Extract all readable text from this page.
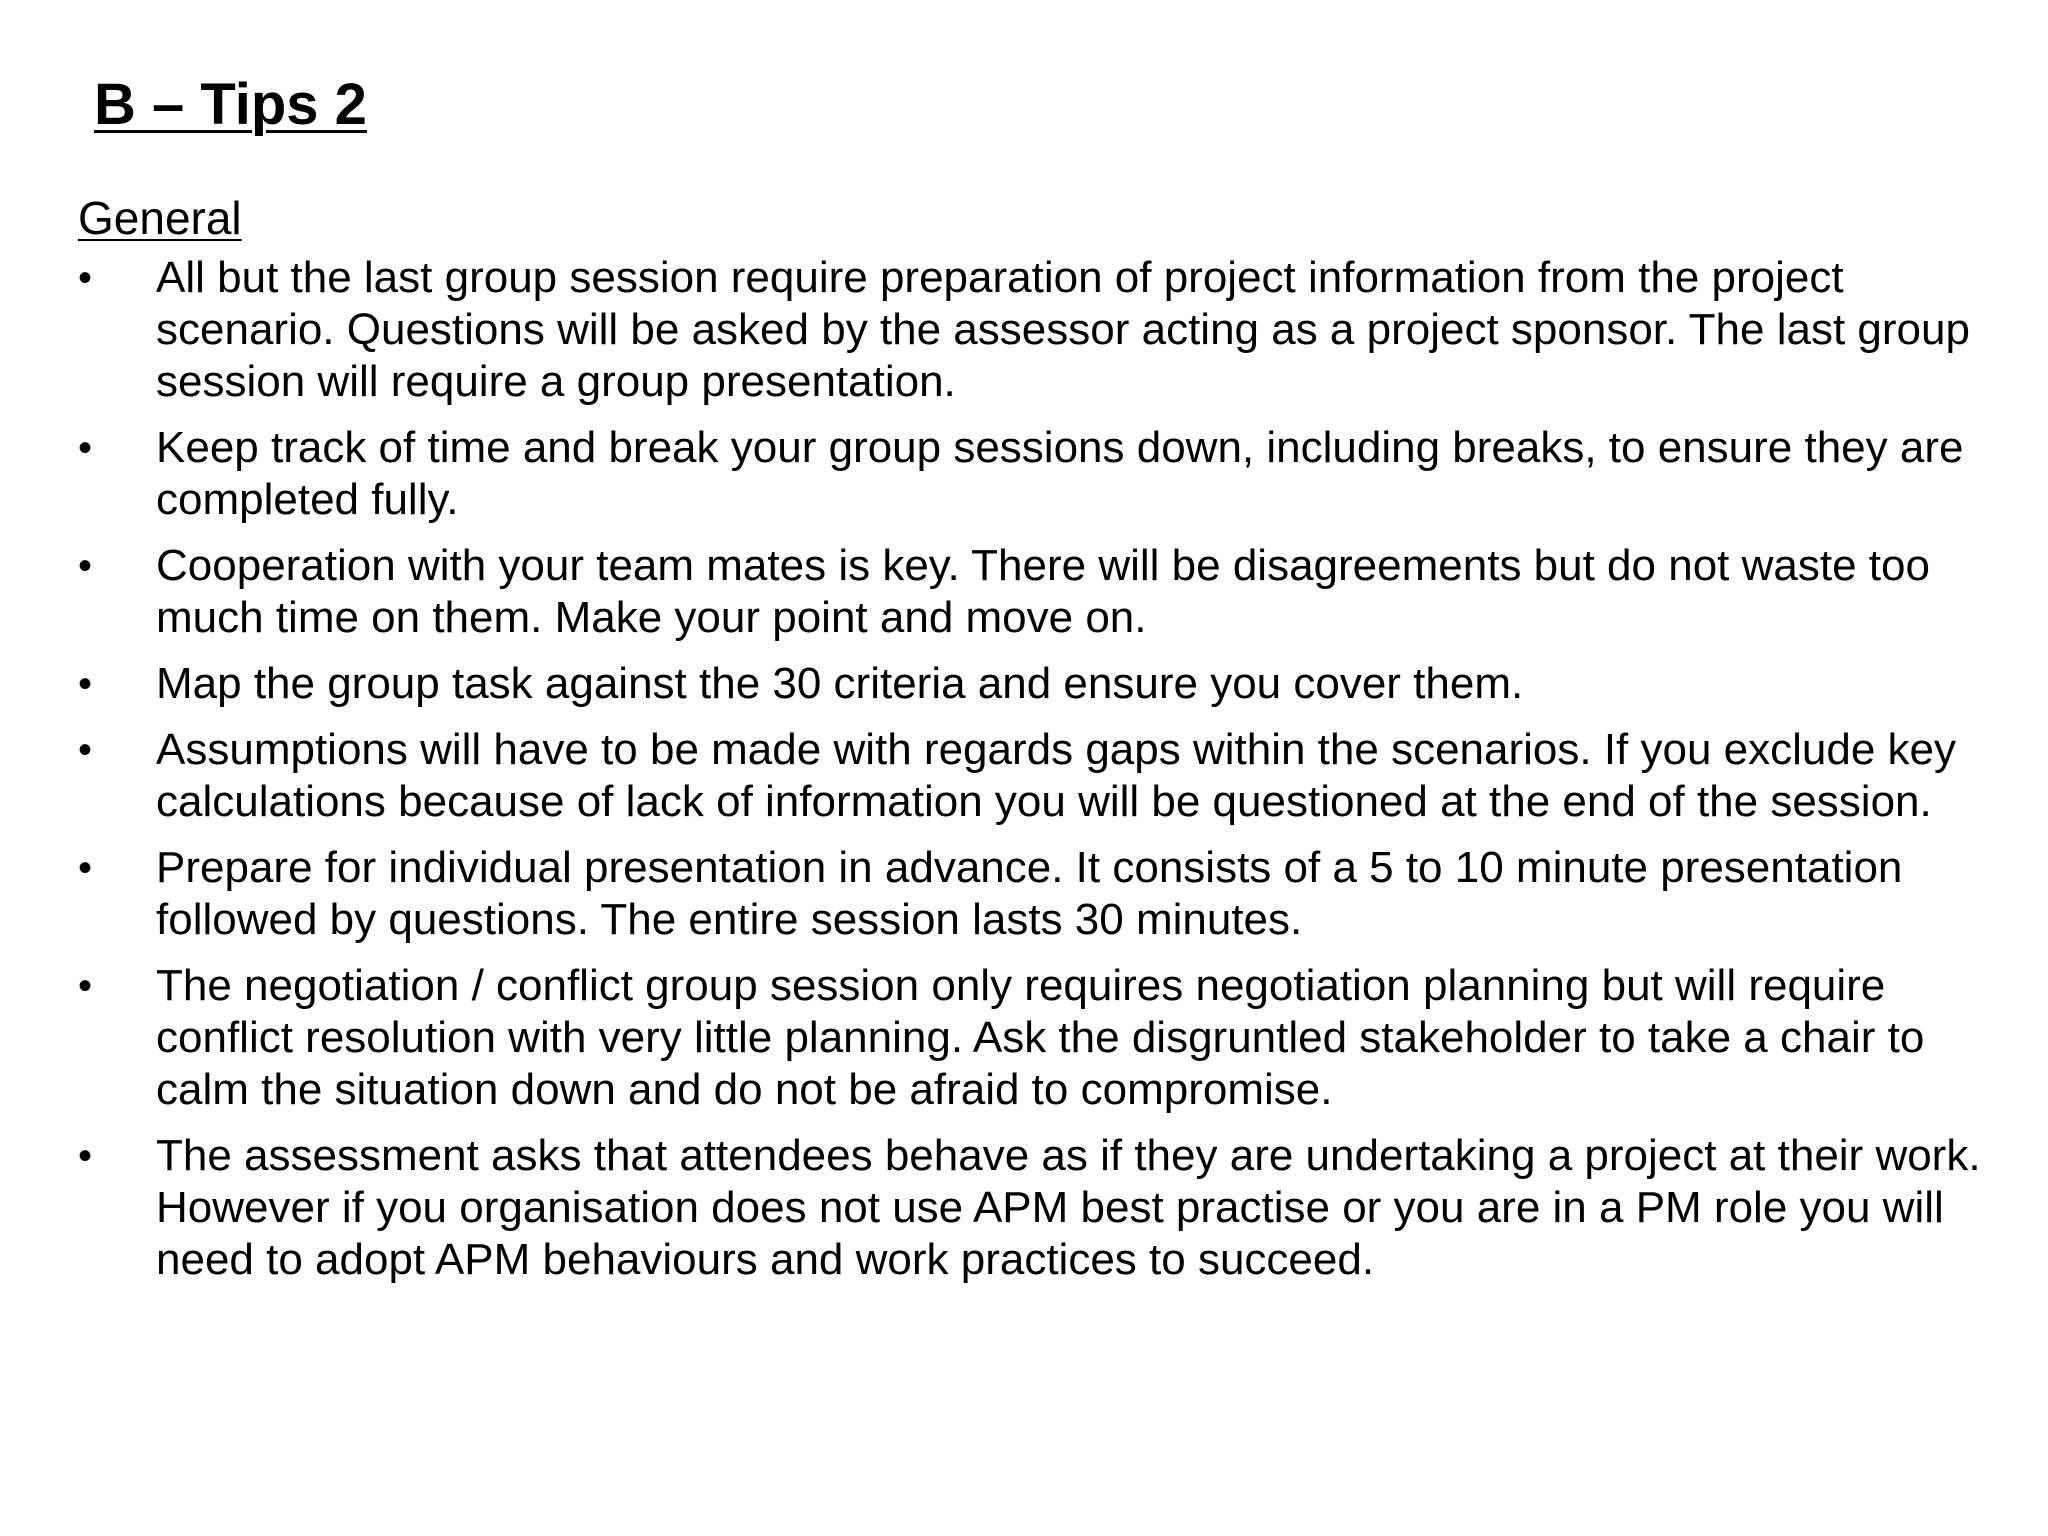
B – Tips 2
General
•	All but the last group session require preparation of project information from the project scenario. Questions will be asked by the assessor acting as a project sponsor. The last group session will require a group presentation.
•	Keep track of time and break your group sessions down, including breaks, to ensure they are completed fully.
•	Cooperation with your team mates is key. There will be disagreements but do not waste too much time on them. Make your point and move on.
•	Map the group task against the 30 criteria and ensure you cover them.
•	Assumptions will have to be made with regards gaps within the scenarios. If you exclude key calculations because of lack of information you will be questioned at the end of the session.
•	Prepare for individual presentation in advance. It consists of a 5 to 10 minute presentation followed by questions. The entire session lasts 30 minutes.
•	The negotiation / conflict group session only requires negotiation planning but will require conflict resolution with very little planning. Ask the disgruntled stakeholder to take a chair to calm the situation down and do not be afraid to compromise.
•	The assessment asks that attendees behave as if they are undertaking a project at their work. However if you organisation does not use APM best practise or you are in a PM role you will need to adopt APM behaviours and work practices to succeed.
